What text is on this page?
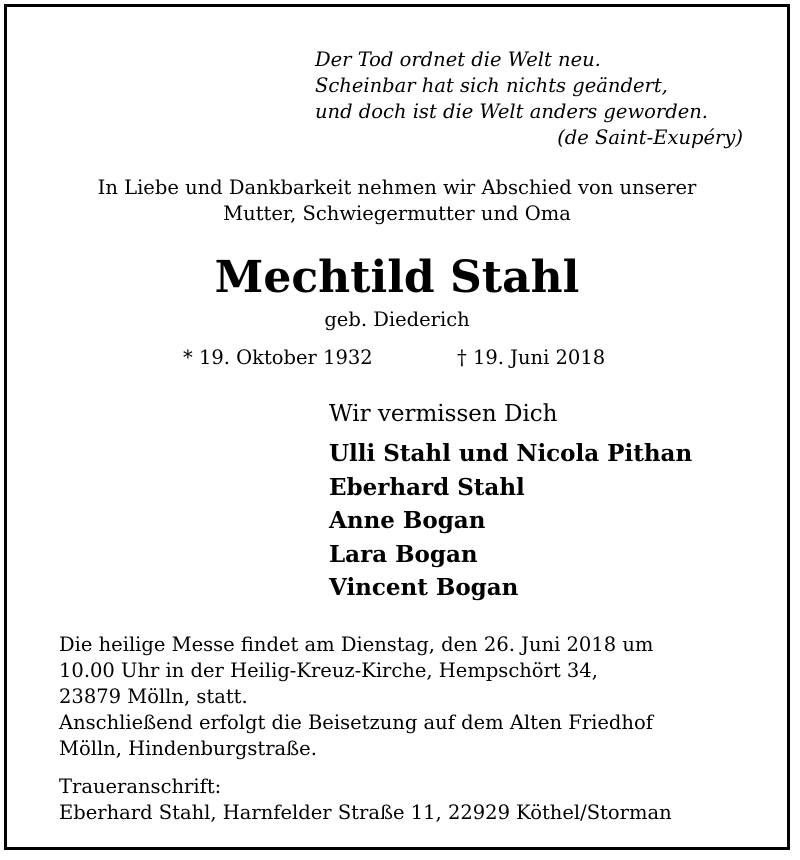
Der Tod ordnet die Welt neu.
Scheinbar hat sich nichts geändert,
und doch ist die Welt anders geworden.
(de Saint-Exupéry)
In Liebe und Dankbarkeit nehmen wir Abschied von unserer
Mutter, Schwiegermutter und Oma
Mechtild Stahl
geb. Diederich
* 19. Oktober 1932	† 19. Juni 2018
Wir vermissen Dich
Ulli Stahl und Nicola Pithan
Eberhard Stahl
Anne Bogan
Lara Bogan
Vincent Bogan
Die heilige Messe findet am Dienstag, den 26. Juni 2018 um
10.00 Uhr in der Heilig-Kreuz-Kirche, Hempschört 34,
23879 Mölln, statt.
Anschließend erfolgt die Beisetzung auf dem Alten Friedhof
Mölln, Hindenburgstraße.
Traueranschrift:
Eberhard Stahl, Harnfelder Straße 11, 22929 Köthel/Storman
